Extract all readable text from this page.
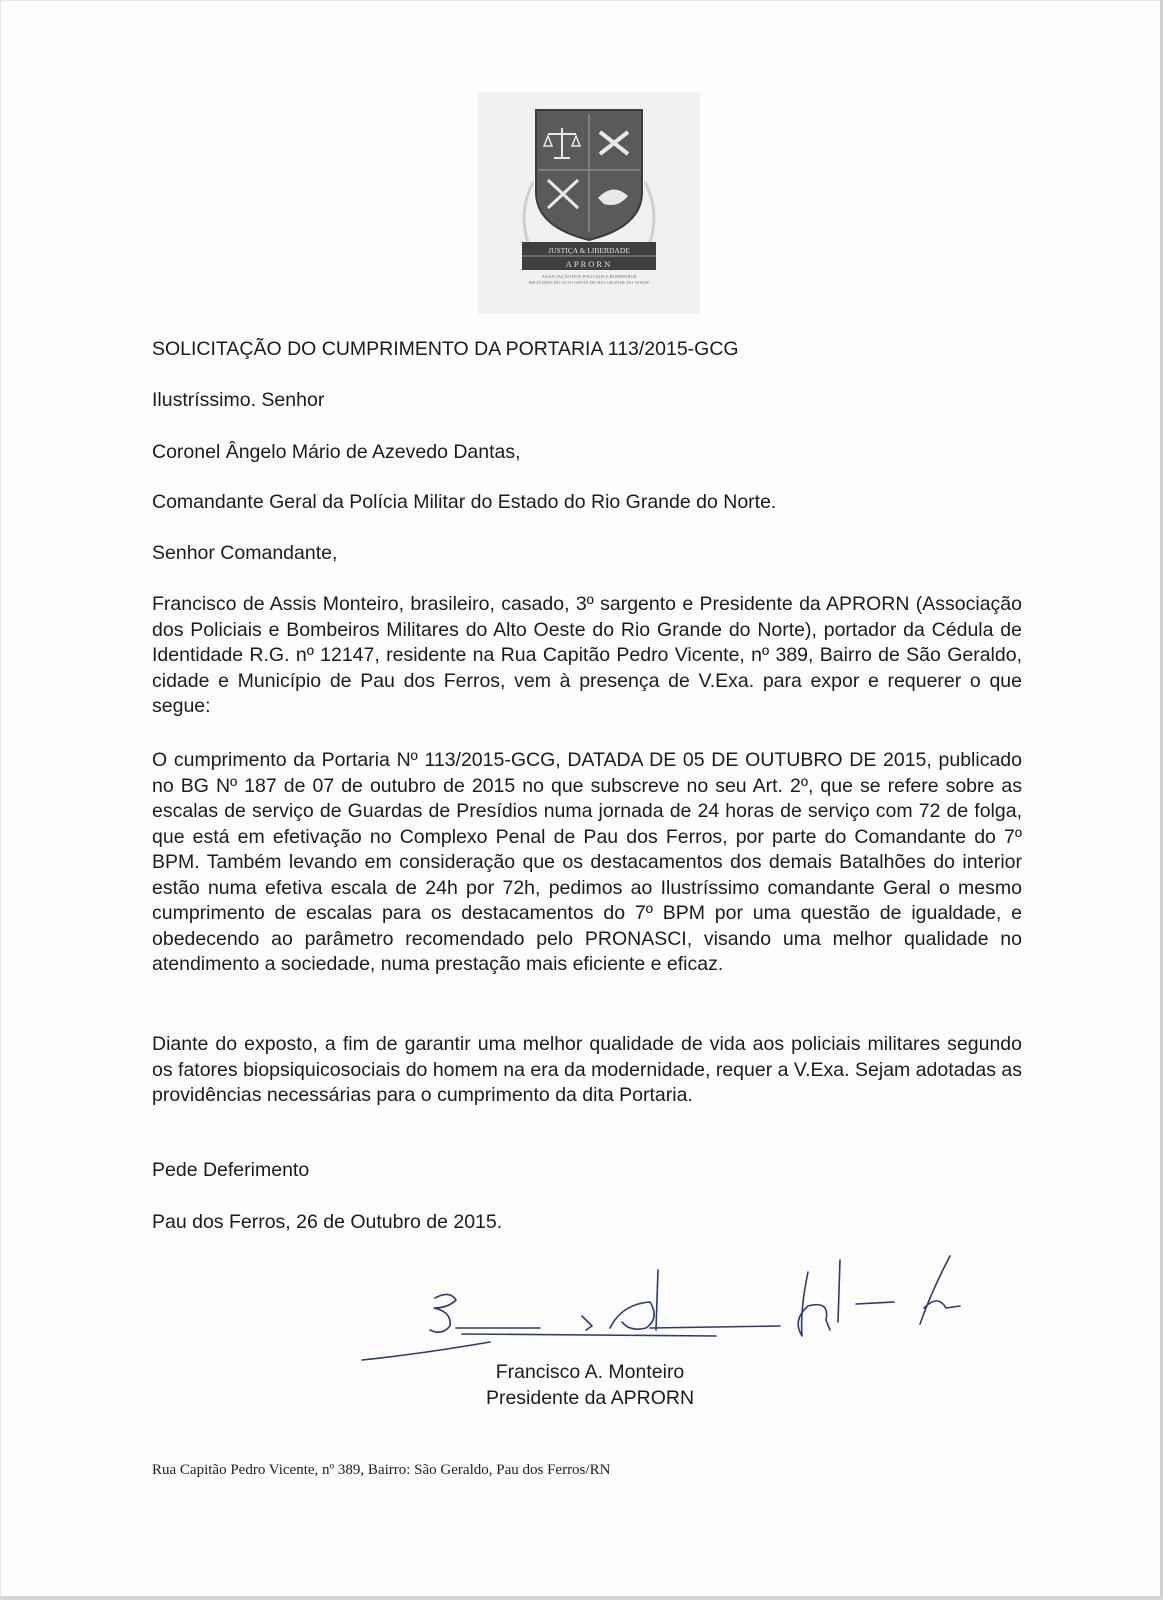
JUSTIÇA & LIBERDADE
APRORN
ASSOCIAÇÃO DOS POLICIAIS E BOMBEIROS
MILITARES DO ALTO OESTE DO RIO GRANDE DO NORTE
SOLICITAÇÃO DO CUMPRIMENTO DA PORTARIA 113/2015-GCG
Ilustríssimo. Senhor
Coronel Ângelo Mário de Azevedo Dantas,
Comandante Geral da Polícia Militar do Estado do Rio Grande do Norte.
Senhor Comandante,
Francisco de Assis Monteiro, brasileiro, casado, 3º sargento e Presidente da APRORN (Associação dos Policiais e Bombeiros Militares do Alto Oeste do Rio Grande do Norte), portador da Cédula de Identidade R.G. nº 12147, residente na Rua Capitão Pedro Vicente, nº 389, Bairro de São Geraldo, cidade e Município de Pau dos Ferros, vem à presença de V.Exa. para expor e requerer o que segue:
O cumprimento da Portaria Nº 113/2015-GCG, DATADA DE 05 DE OUTUBRO DE 2015, publicado no BG Nº 187 de 07 de outubro de 2015 no que subscreve no seu Art. 2º, que se refere sobre as escalas de serviço de Guardas de Presídios numa jornada de 24 horas de serviço com 72 de folga, que está em efetivação no Complexo Penal de Pau dos Ferros, por parte do Comandante do 7º BPM. Também levando em consideração que os destacamentos dos demais Batalhões do interior estão numa efetiva escala de 24h por 72h, pedimos ao Ilustríssimo comandante Geral o mesmo cumprimento de escalas para os destacamentos do 7º BPM por uma questão de igualdade, e obedecendo ao parâmetro recomendado pelo PRONASCI, visando uma melhor qualidade no atendimento a sociedade, numa prestação mais eficiente e eficaz.
Diante do exposto, a fim de garantir uma melhor qualidade de vida aos policiais militares segundo os fatores biopsiquicosociais do homem na era da modernidade, requer a V.Exa. Sejam adotadas as providências necessárias para o cumprimento da dita Portaria.
Pede Deferimento
Pau dos Ferros, 26 de Outubro de 2015.
Francisco A. Monteiro
Presidente da APRORN
Rua Capitão Pedro Vicente, nº 389, Bairro: São Geraldo, Pau dos Ferros/RN
